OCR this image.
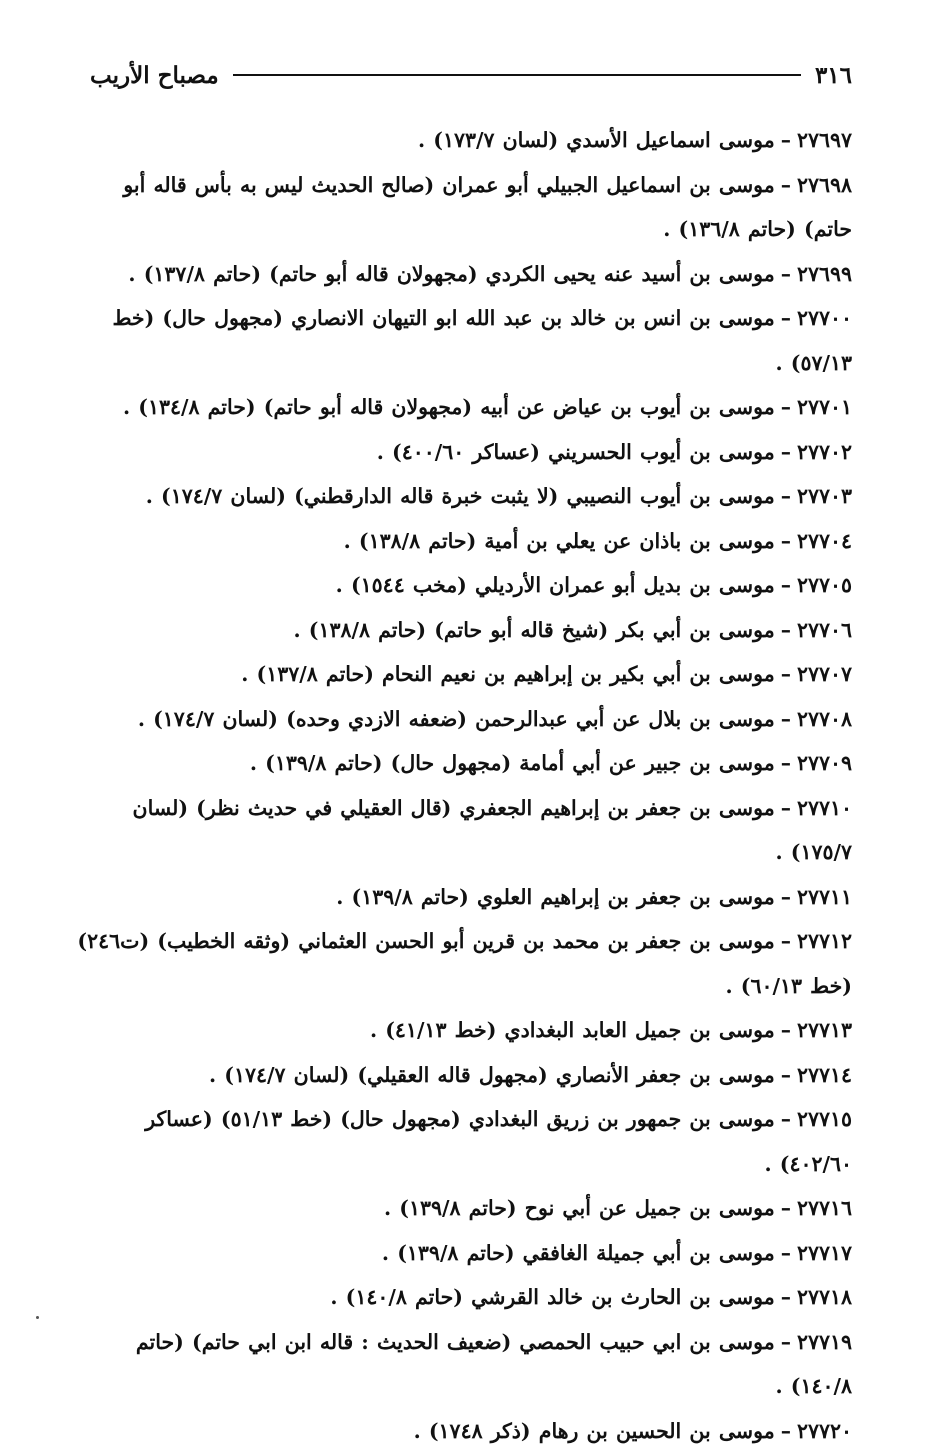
٣١٦
مصباح الأريب
٢٧٦٩٧–موسى اسماعيل الأسدي (لسان ١٧٣/٧) .
٢٧٦٩٨–موسى بن اسماعيل الجبيلي أبو عمران (صالح الحديث ليس به بأس قاله أبو حاتم) (حاتم ١٣٦/٨) .
٢٧٦٩٩–موسى بن أسيد عنه يحيى الكردي (مجهولان قاله أبو حاتم) (حاتم ١٣٧/٨) .
٢٧٧٠٠–موسى بن انس بن خالد بن عبد الله ابو التيهان الانصاري (مجهول حال) (خط ٥٧/١٣) .
٢٧٧٠١–موسى بن أيوب بن عياض عن أبيه (مجهولان قاله أبو حاتم) (حاتم ١٣٤/٨) .
٢٧٧٠٢–موسى بن أيوب الحسريني (عساكر ٤٠٠/٦٠) .
٢٧٧٠٣–موسى بن أيوب النصيبي (لا يثبت خبرة قاله الدارقطني) (لسان ١٧٤/٧) .
٢٧٧٠٤–موسى بن باذان عن يعلي بن أمية (حاتم ١٣٨/٨) .
٢٧٧٠٥–موسى بن بديل أبو عمران الأرديلي (مخب ١٥٤٤) .
٢٧٧٠٦–موسى بن أبي بكر (شيخ قاله أبو حاتم) (حاتم ١٣٨/٨) .
٢٧٧٠٧–موسى بن أبي بكير بن إبراهيم بن نعيم النحام (حاتم ١٣٧/٨) .
٢٧٧٠٨–موسى بن بلال عن أبي عبدالرحمن (ضعفه الازدي وحده) (لسان ١٧٤/٧) .
٢٧٧٠٩–موسى بن جبير عن أبي أمامة (مجهول حال) (حاتم ١٣٩/٨) .
٢٧٧١٠–موسى بن جعفر بن إبراهيم الجعفري (قال العقيلي في حديث نظر) (لسان ١٧٥/٧) .
٢٧٧١١–موسى بن جعفر بن إبراهيم العلوي (حاتم ١٣٩/٨) .
٢٧٧١٢–موسى بن جعفر بن محمد بن قرين أبو الحسن العثماني (وثقه الخطيب) (ت٢٤٦) (خط ٦٠/١٣) .
٢٧٧١٣–موسى بن جميل العابد البغدادي (خط ٤١/١٣) .
٢٧٧١٤–موسى بن جعفر الأنصاري (مجهول قاله العقيلي) (لسان ١٧٤/٧) .
٢٧٧١٥–موسى بن جمهور بن زريق البغدادي (مجهول حال) (خط ٥١/١٣) (عساكر ٤٠٢/٦٠) .
٢٧٧١٦–موسى بن جميل عن أبي نوح (حاتم ١٣٩/٨) .
٢٧٧١٧–موسى بن أبي جميلة الغافقي (حاتم ١٣٩/٨) .
٢٧٧١٨–موسى بن الحارث بن خالد القرشي (حاتم ١٤٠/٨) .
٢٧٧١٩–موسى بن ابي حبيب الحمصي (ضعيف الحديث : قاله ابن ابي حاتم) (حاتم ١٤٠/٨) .
٢٧٧٢٠–موسى بن الحسين بن رهام (ذكر ١٧٤٨) .
